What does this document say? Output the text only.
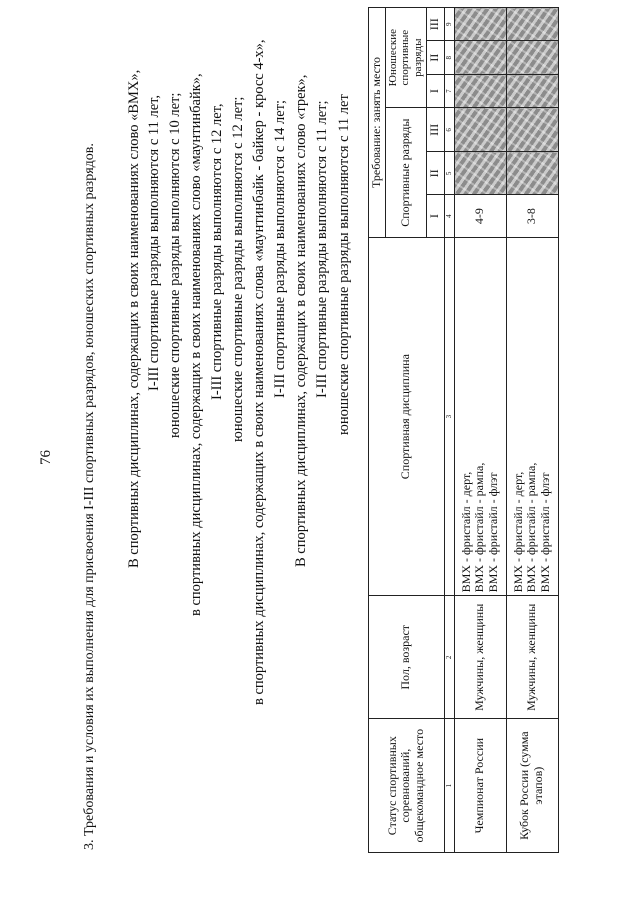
76 3. Требования и условия их выполнения для присвоения I-III спортивных разрядов, юношеских спортивных разрядов. В спортивных дисциплинах, содержащих в своих наименованиях слово «ВМХ», I-III спортивные разряды выполняются с 11 лет, юношеские спортивные разряды выполняются с 10 лет; в спортивных дисциплинах, содержащих в своих наименованиях слово «маунтинбайк», I-III спортивные разряды выполняются с 12 лет, юношеские спортивные разряды выполняются с 12 лет; в спортивных дисциплинах, содержащих в своих наименованиях слова «маунтинбайк - байкер - кросс 4-х», I-III спортивные разряды выполняются с 14 лет; В спортивных дисциплинах, содержащих в своих наименованиях слово «трек», I-III спортивные разряды выполняются с 11 лет; юношеские спортивные разряды выполняются с 11 лет
Статус спортивных соревнований, общекомандное место	Пол, возраст	Спортивная дисциплина	Требование: занять место					
			Спортивные разряды			Юношеские спортивные разряды		
			I	II	III	I	II	III
1	2	3	4	5	6	7	8	9
Чемпионат России	Мужчины, женщины	ВМХ - фристайл - дерт, ВМХ - фристайл - рампа, ВМХ - фристайл - флэт	4-9					
Кубок России (сумма этапов)	Мужчины, женщины	ВМХ - фристайл - дерт, ВМХ - фристайл - рампа, ВМХ - фристайл - флэт	3-8					
